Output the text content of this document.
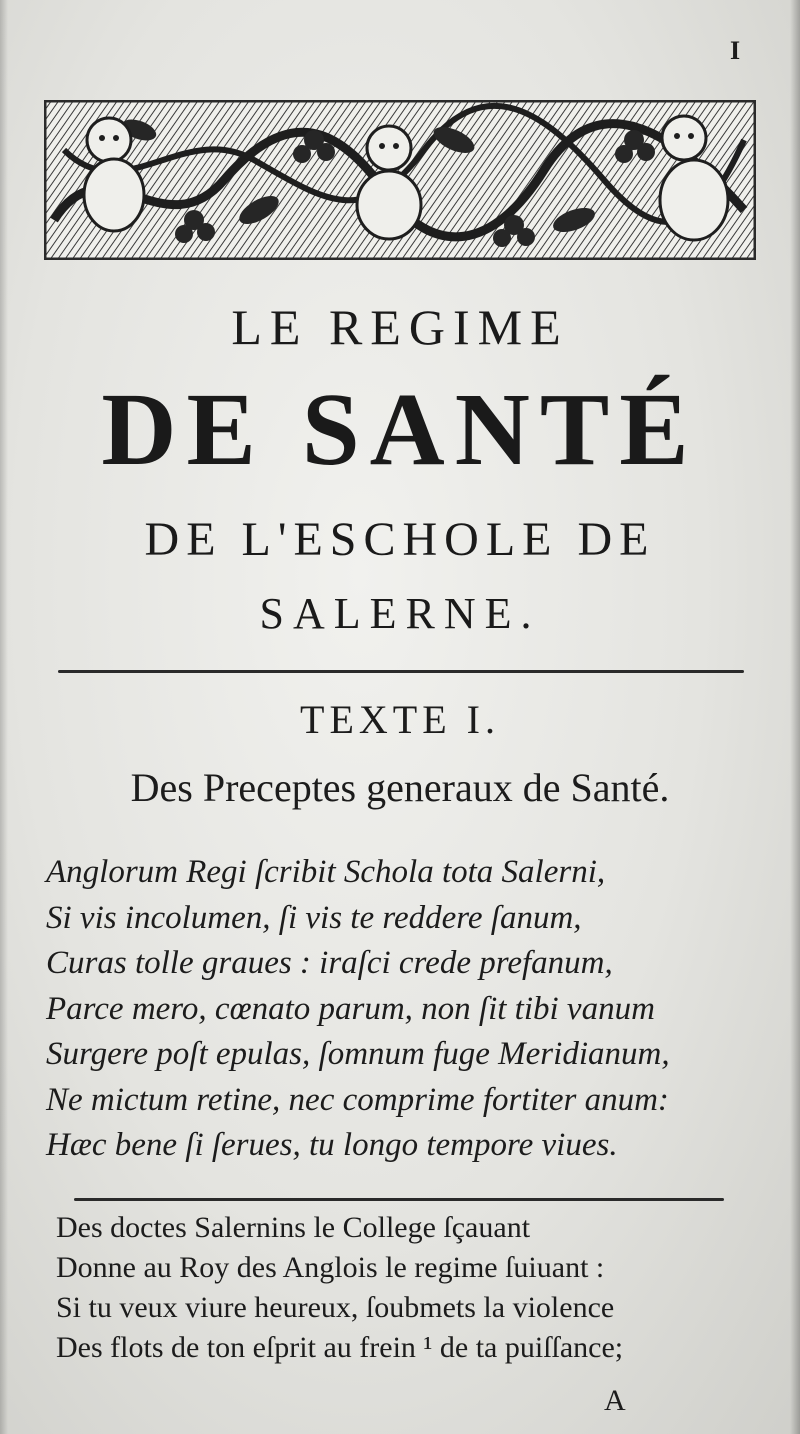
I
LE REGIME
DE SANTÉ
DE L'ESCHOLE DE
SALERNE.
TEXTE I.
Des Preceptes generaux de Santé.
Anglorum Regi ſcribit Schola tota Salerni,
Si vis incolumen, ſi vis te reddere ſanum,
Curas tolle graues : iraſci crede prefanum,
Parce mero, cœnato parum, non ſit tibi vanum
Surgere poſt epulas, ſomnum fuge Meridianum,
Ne mictum retine, nec comprime fortiter anum:
Hæc bene ſi ſerues, tu longo tempore viues.
Des doctes Salernins le College ſçauant
Donne au Roy des Anglois le regime ſuiuant :
Si tu veux viure heureux, ſoubmets la violence
Des flots de ton eſprit au frein ¹ de ta puiſſance;
A
